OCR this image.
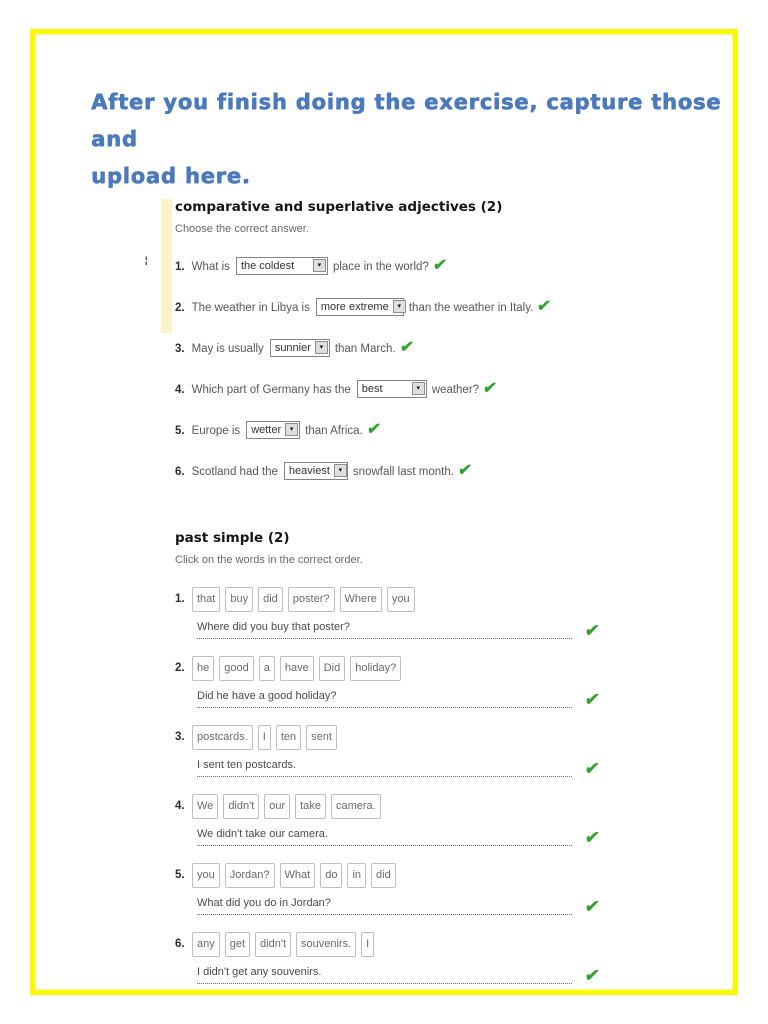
After you finish doing the exercise, capture those and
upload here.
¦
comparative and superlative adjectives (2)

Choose the correct answer.

1. What is the coldest	▾	place in the world? ✔
2. The weather in Libya is more extreme	▾ than the weather in Italy. ✔
3. May is usually sunnier	▾	than March. ✔
4. Which part of Germany has the best	▾	weather? ✔
5. Europe is wetter	▾	than Africa. ✔
6. Scotland had the heaviest	▾ snowfall last month. ✔
past simple (2)

Click on the words in the correct order.

1. that buy did poster? Where you
Where did you buy that poster?	✔
2. he good a have Did holiday?
Did he have a good holiday?	✔
3. postcards. I ten sent
I sent ten postcards.	✔
4. We didn't our take camera.
We didn't take our camera.	✔
5. you Jordan? What do in did
What did you do in Jordan?	✔
6. any get didn't souvenirs. I
I didn't get any souvenirs.	✔
